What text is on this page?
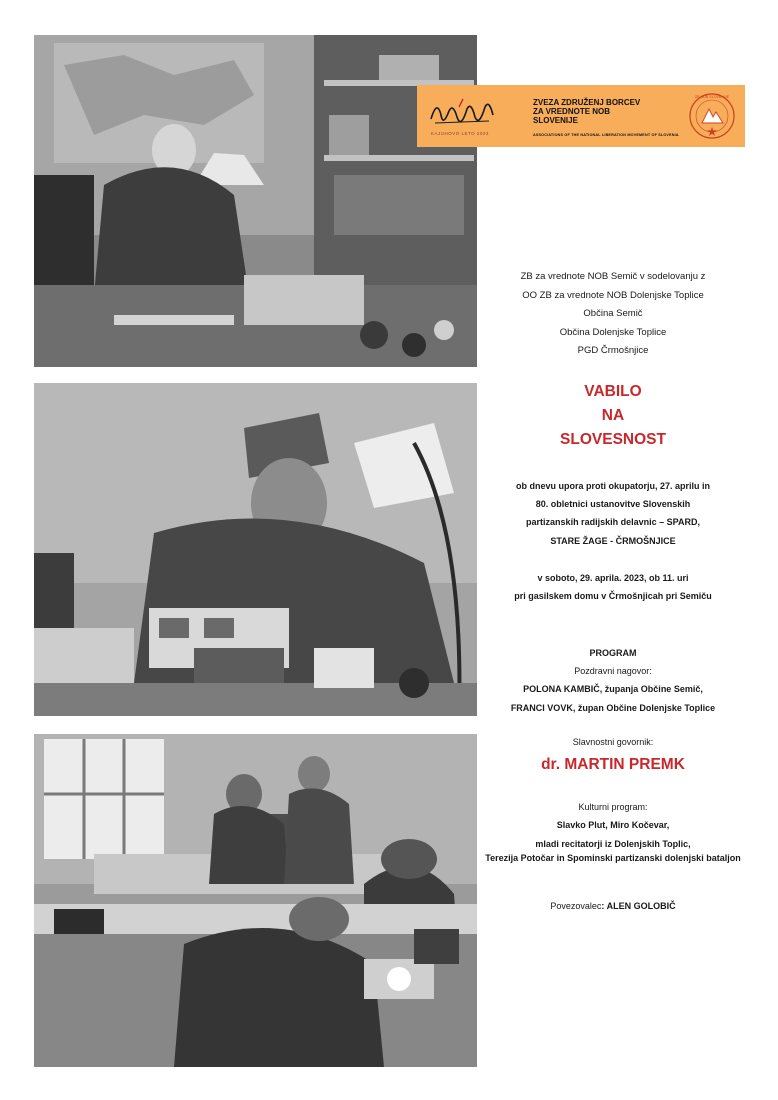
KAJUHOVO LETO 2023
ZVEZA ZDRUŽENJ BORCEV
ZA VREDNOTE NOB
SLOVENIJE
ASSOCIATIONS OF THE NATIONAL LIBERATION MOVEMENT OF SLOVENIA
ZB NOB SLOVENIJE
ZB za vrednote NOB Semič v sodelovanju z
OO ZB za vrednote NOB Dolenjske Toplice
Občina Semič
Občina Dolenjske Toplice
PGD Črmošnjice
VABILO
NA
SLOVESNOST
ob dnevu upora proti okupatorju, 27. aprilu in
80. obletnici ustanovitve Slovenskih
partizanskih radijskih delavnic – SPARD,
STARE ŽAGE - ČRMOŠNJICE
v soboto, 29. aprila. 2023, ob 11. uri
pri gasilskem domu v Črmošnjicah pri Semiču
PROGRAM
Pozdravni nagovor:
POLONA KAMBIČ, županja Občine Semič,
FRANCI VOVK, župan Občine Dolenjske Toplice
Slavnostni govornik:
dr. MARTIN PREMK
Kulturni program:
Slavko Plut, Miro Kočevar,
mladi recitatorji iz Dolenjskih Toplic,
Terezija Potočar in Spominski partizanski dolenjski bataljon
Povezovalec: ALEN GOLOBIČ
